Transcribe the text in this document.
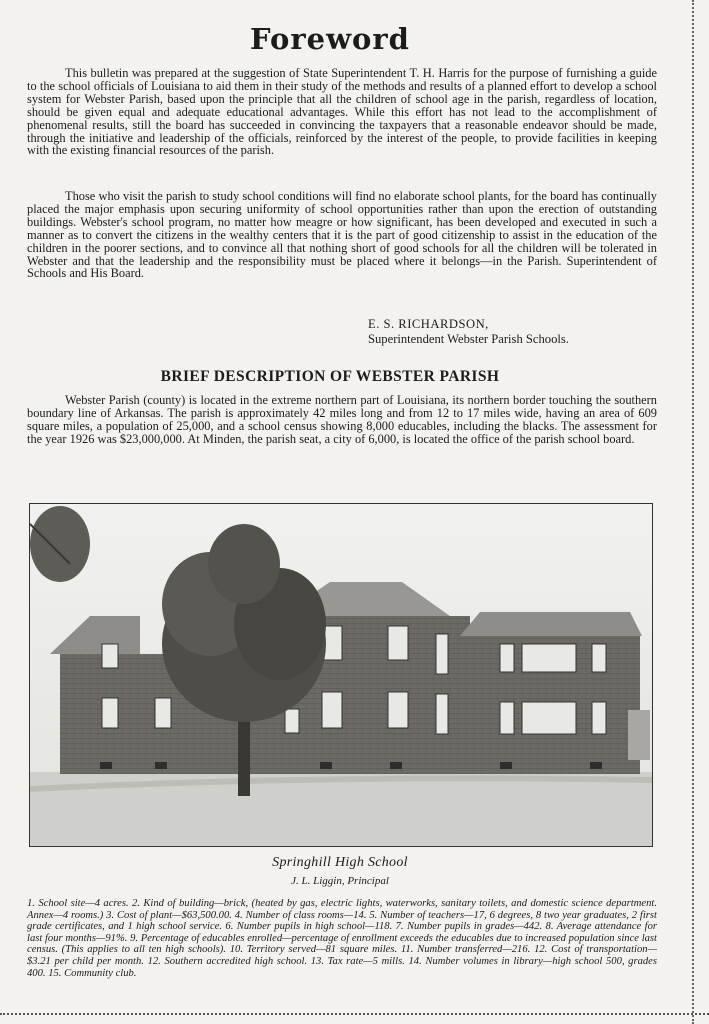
Foreword

This bulletin was prepared at the suggestion of State Superintendent T. H. Harris for the purpose of furnishing a guide to the school officials of Louisiana to aid them in their study of the methods and results of a planned effort to develop a school system for Webster Parish, based upon the principle that all the children of school age in the parish, regardless of location, should be given equal and adequate educational advantages. While this effort has not lead to the accomplishment of phenomenal results, still the board has succeeded in convincing the taxpayers that a reasonable endeavor should be made, through the initiative and leadership of the officials, reinforced by the interest of the people, to provide facilities in keeping with the existing financial resources of the parish.

Those who visit the parish to study school conditions will find no elaborate school plants, for the board has continually placed the major emphasis upon securing uniformity of school opportunities rather than upon the erection of outstanding buildings. Webster's school program, no matter how meagre or how significant, has been developed and executed in such a manner as to convert the citizens in the wealthy centers that it is the part of good citizenship to assist in the education of the children in the poorer sections, and to convince all that nothing short of good schools for all the children will be tolerated in Webster and that the leadership and the responsibility must be placed where it belongs—in the Parish. Superintendent of Schools and His Board.

E. S. RICHARDSON,
Superintendent Webster Parish Schools.
BRIEF DESCRIPTION OF WEBSTER PARISH

Webster Parish (county) is located in the extreme northern part of Louisiana, its northern border touching the southern boundary line of Arkansas. The parish is approximately 42 miles long and from 12 to 17 miles wide, having an area of 609 square miles, a population of 25,000, and a school census showing 8,000 educables, including the blacks. The assessment for the year 1926 was $23,000,000. At Minden, the parish seat, a city of 6,000, is located the office of the parish school board.

Springhill High School
J. L. Liggin, Principal

1. School site—4 acres. 2. Kind of building—brick, (heated by gas, electric lights, waterworks, sanitary toilets, and domestic science department. Annex—4 rooms.) 3. Cost of plant—$63,500.00. 4. Number of class rooms—14. 5. Number of teachers—17, 6 degrees, 8 two year graduates, 2 first grade certificates, and 1 high school service. 6. Number pupils in high school—118. 7. Number pupils in grades—442. 8. Average attendance for last four months—91%. 9. Percentage of educables enrolled—percentage of enrollment exceeds the educables due to increased population since last census. (This applies to all ten high schools). 10. Territory served—81 square miles. 11. Number transferred—216. 12. Cost of transportation—$3.21 per child per month. 12. Southern accredited high school. 13. Tax rate—5 mills. 14. Number volumes in library—high school 500, grades 400. 15. Community club.
